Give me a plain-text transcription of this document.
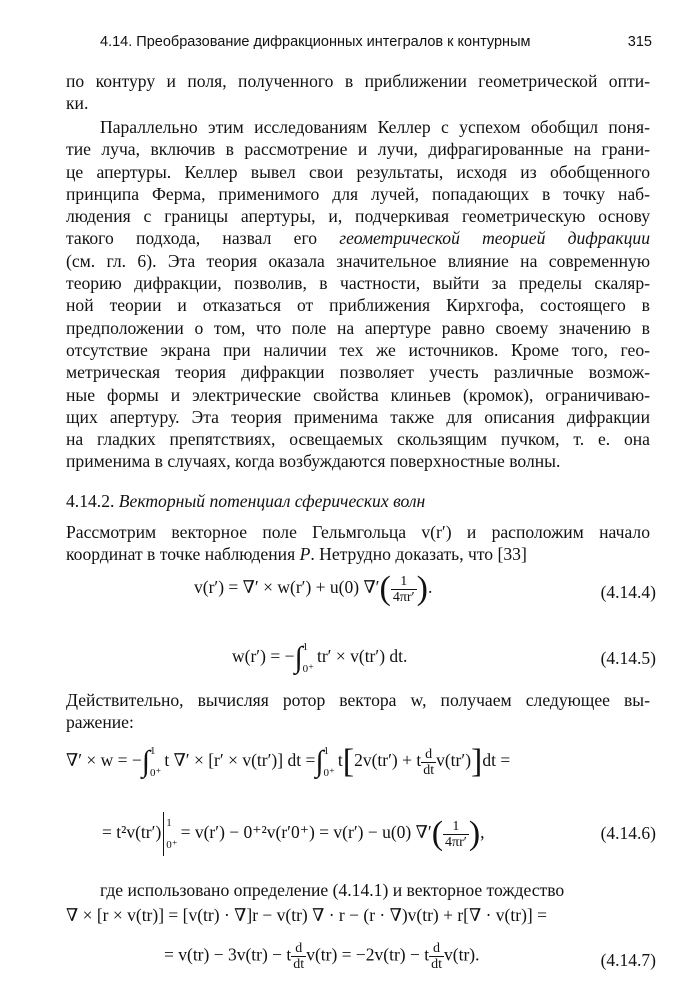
4.14. Преобразование дифракционных интегралов к контурным	315
по контуру и поля, полученного в приближении геометрической опти-
ки.
Параллельно этим исследованиям Келлер с успехом обобщил поня-
тие луча, включив в рассмотрение и лучи, дифрагированные на грани-
це апертуры. Келлер вывел свои результаты, исходя из обобщенного
принципа Ферма, применимого для лучей, попадающих в точку наб-
людения с границы апертуры, и, подчеркивая геометрическую основу
такого подхода, назвал его геометрической теорией дифракции
(см. гл. 6). Эта теория оказала значительное влияние на современную
теорию дифракции, позволив, в частности, выйти за пределы скаляр-
ной теории и отказаться от приближения Кирхгофа, состоящего в
предположении о том, что поле на апертуре равно своему значению в
отсутствие экрана при наличии тех же источников. Кроме того, гео-
метрическая теория дифракции позволяет учесть различные возмож-
ные формы и электрические свойства клиньев (кромок), ограничиваю-
щих апертуру. Эта теория применима также для описания дифракции
на гладких препятствиях, освещаемых скользящим пучком, т. е. она
применима в случаях, когда возбуждаются поверхностные волны.
4.14.2. Векторный потенциал сферических волн
Рассмотрим векторное поле Гельмгольца v(r′) и расположим начало
координат в точке наблюдения P. Нетрудно доказать, что [33]
v(r′) = ∇′ × w(r′) + u(0) ∇′( $\frac{1}{4\pi r'}$ ).	(4.14.4)
w(r′) = −∫ 1
0⁺
tr′ × v(tr′) dt.	(4.14.5)
Действительно, вычисляя ротор вектора w, получаем следующее вы-
ражение:
∇′ × w = −∫ 1
0⁺
t ∇′ × [r′ × v(tr′)] dt =∫ 1
0⁺
t[2v(tr′) + t $\frac{d}{dt} v(tr')]dt$ =
= t²v(tr′) 1
0⁺
= v(r′) − 0⁺²v(r′0⁺) = v(r′) − u(0) ∇′( $\frac{1}{4\pi r'}$ ),	(4.14.6)
где использовано определение (4.14.1) и векторное тождество
∇ × [r × v(tr)] = [v(tr) · ∇]r − v(tr) ∇ · r − (r · ∇)v(tr) + r[∇ · v(tr)] =
= v(tr) − 3v(tr) − t $\frac{d}{dt} v(tr) = -2v(tr) - t \frac{d}{dt} v(tr)$.	(4.14.7)
